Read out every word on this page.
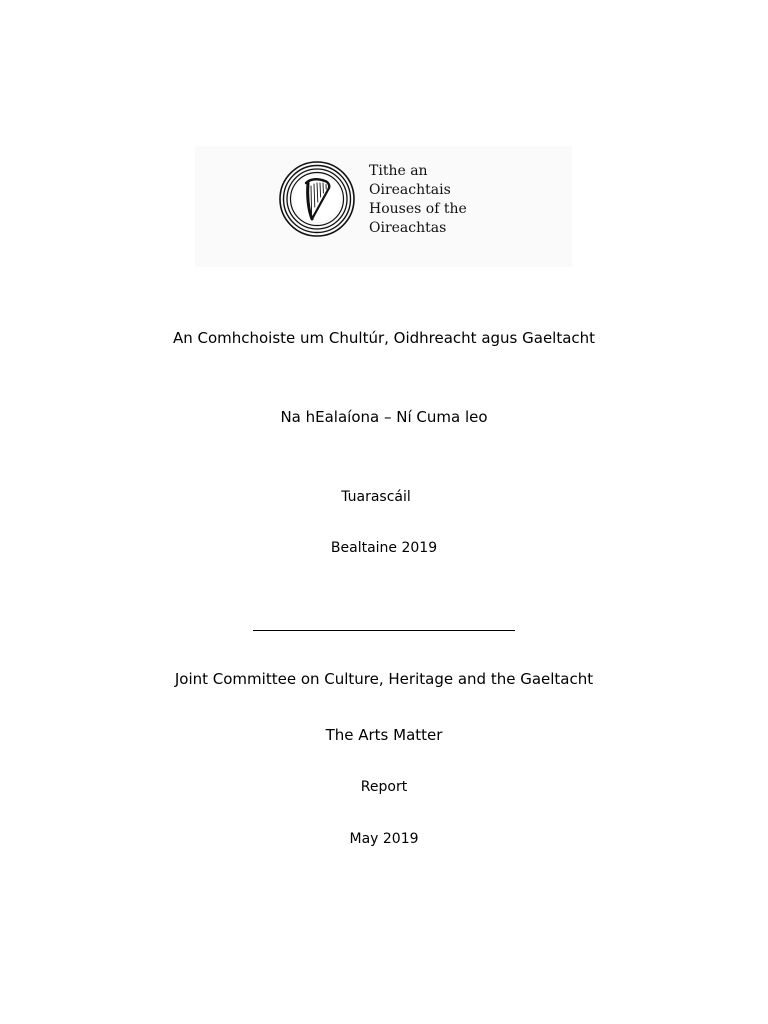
Tithe an
Oireachtais
Houses of the
Oireachtas
An Comhchoiste um Chultúr, Oidhreacht agus Gaeltacht
Na hEalaíona – Ní Cuma leo
Tuarascáil
Bealtaine 2019
Joint Committee on Culture, Heritage and the Gaeltacht
The Arts Matter
Report
May 2019
